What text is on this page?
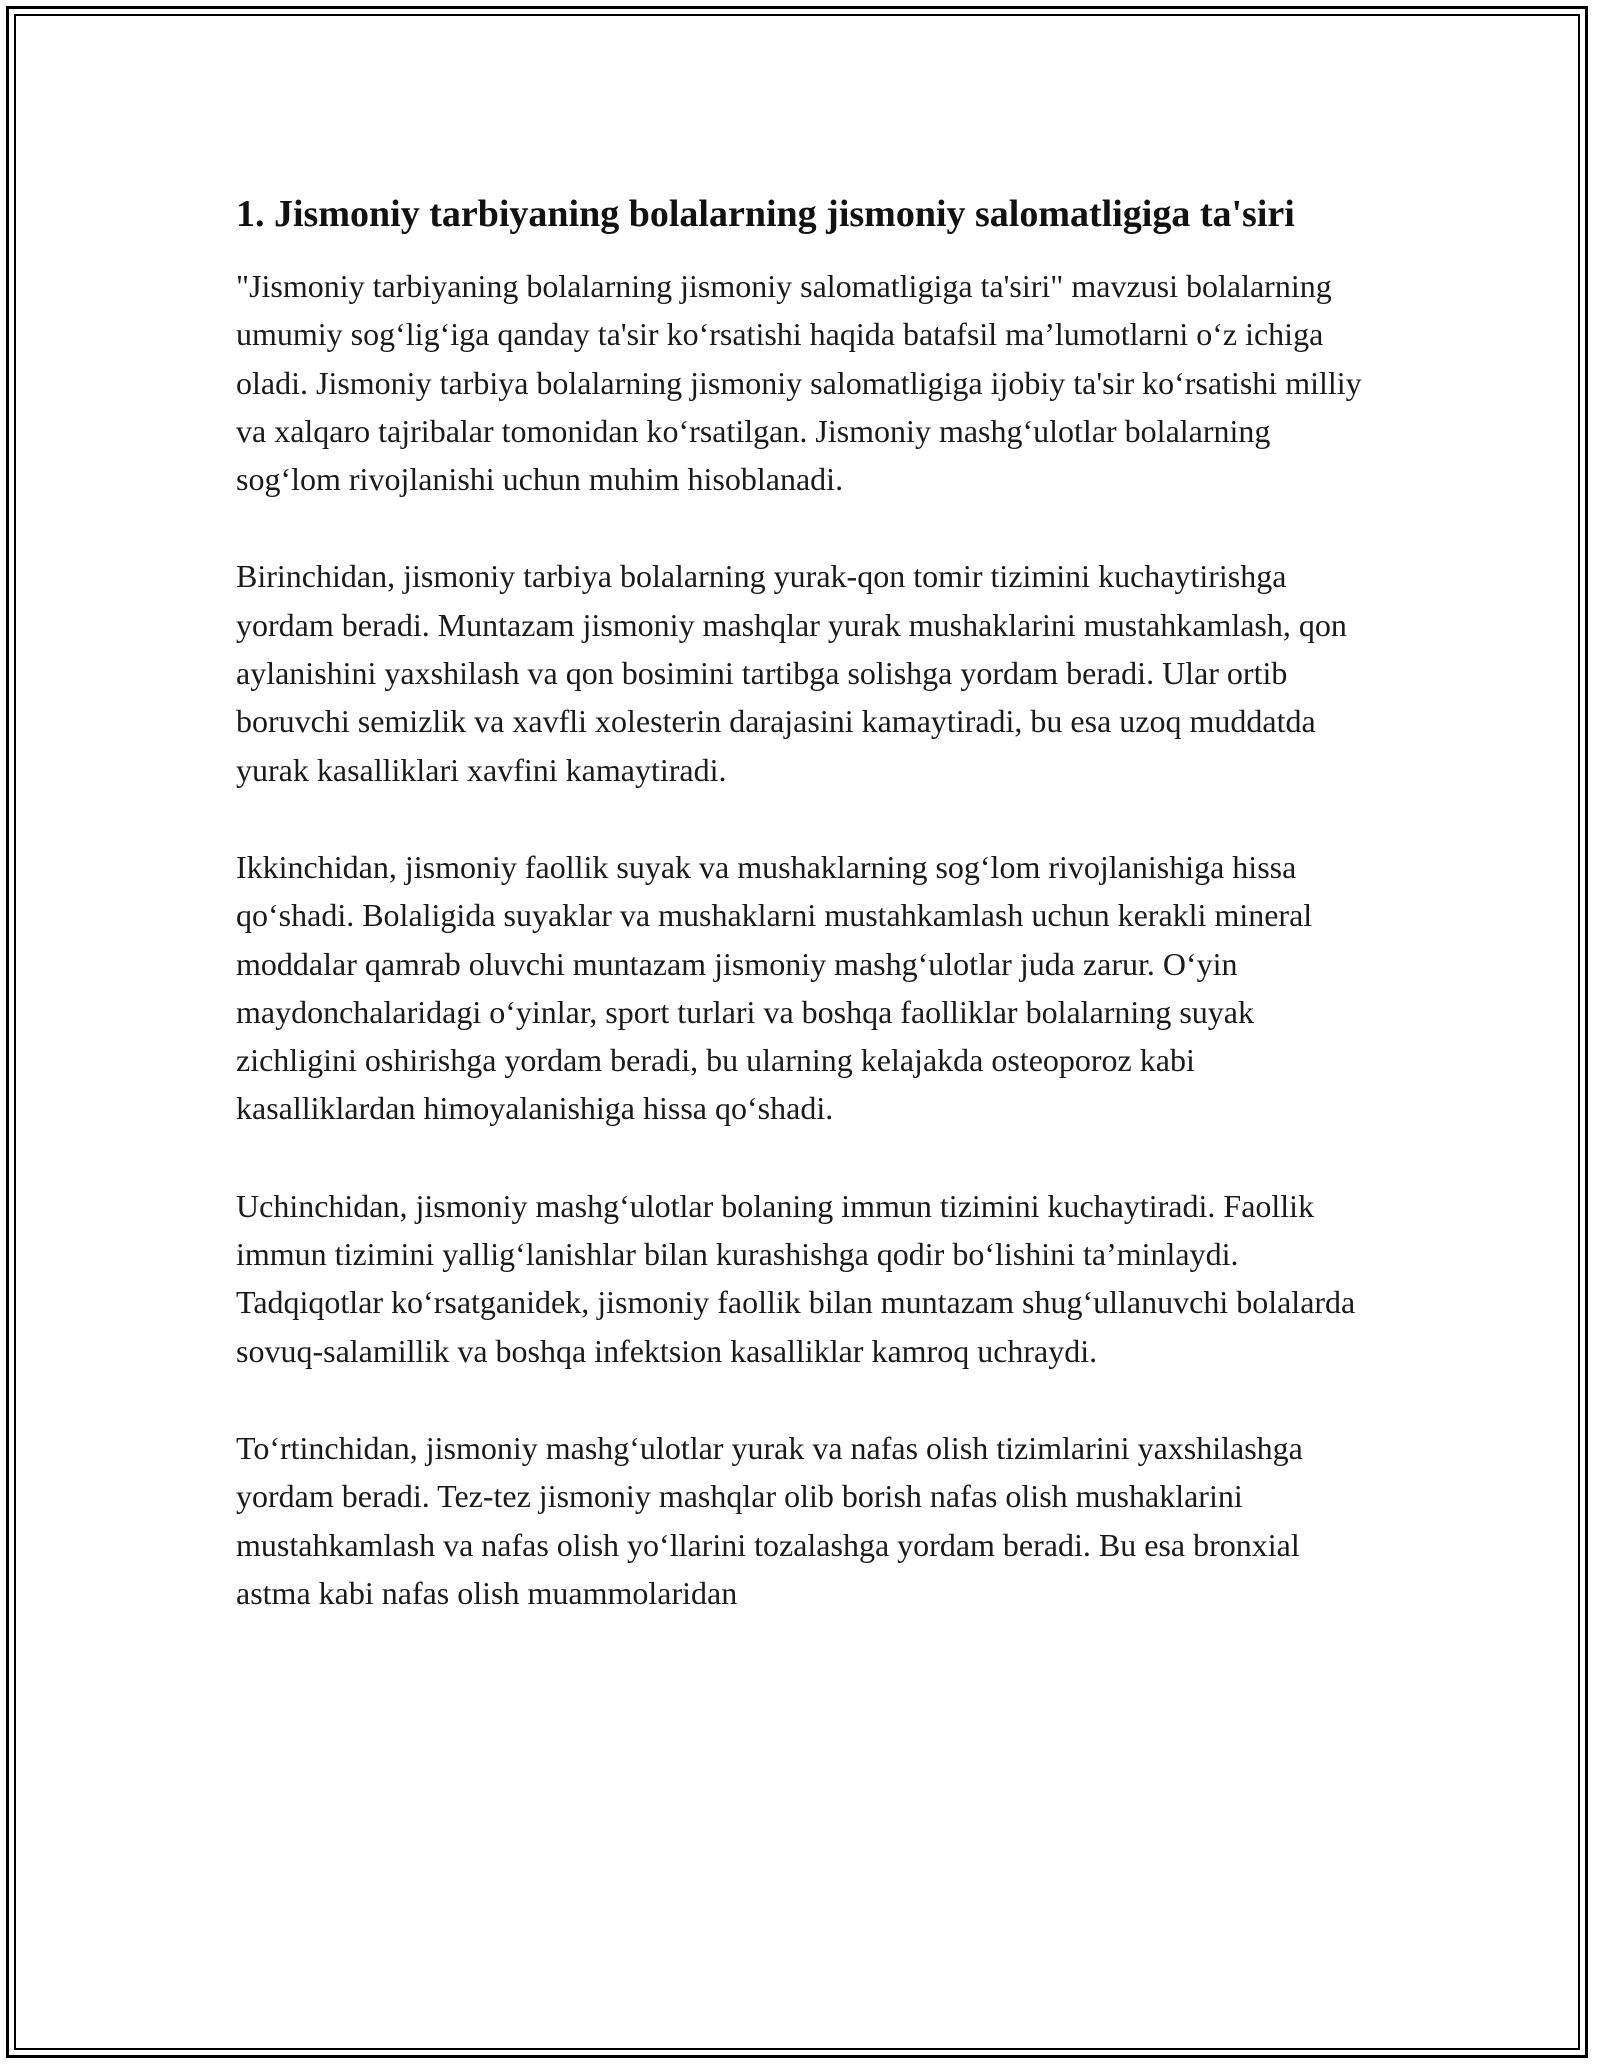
1. Jismoniy tarbiyaning bolalarning jismoniy salomatligiga ta'siri

"Jismoniy tarbiyaning bolalarning jismoniy salomatligiga ta'siri" mavzusi bolalarning umumiy sog‘lig‘iga qanday ta'sir ko‘rsatishi haqida batafsil ma’lumotlarni o‘z ichiga oladi. Jismoniy tarbiya bolalarning jismoniy salomatligiga ijobiy ta'sir ko‘rsatishi milliy va xalqaro tajribalar tomonidan ko‘rsatilgan. Jismoniy mashg‘ulotlar bolalarning sog‘lom rivojlanishi uchun muhim hisoblanadi.

Birinchidan, jismoniy tarbiya bolalarning yurak-qon tomir tizimini kuchaytirishga yordam beradi. Muntazam jismoniy mashqlar yurak mushaklarini mustahkamlash, qon aylanishini yaxshilash va qon bosimini tartibga solishga yordam beradi. Ular ortib boruvchi semizlik va xavfli xolesterin darajasini kamaytiradi, bu esa uzoq muddatda yurak kasalliklari xavfini kamaytiradi.

Ikkinchidan, jismoniy faollik suyak va mushaklarning sog‘lom rivojlanishiga hissa qo‘shadi. Bolaligida suyaklar va mushaklarni mustahkamlash uchun kerakli mineral moddalar qamrab oluvchi muntazam jismoniy mashg‘ulotlar juda zarur. O‘yin maydonchalaridagi o‘yinlar, sport turlari va boshqa faolliklar bolalarning suyak zichligini oshirishga yordam beradi, bu ularning kelajakda osteoporoz kabi kasalliklardan himoyalanishiga hissa qo‘shadi.

Uchinchidan, jismoniy mashg‘ulotlar bolaning immun tizimini kuchaytiradi. Faollik immun tizimini yallig‘lanishlar bilan kurashishga qodir bo‘lishini ta’minlaydi. Tadqiqotlar ko‘rsatganidek, jismoniy faollik bilan muntazam shug‘ullanuvchi bolalarda sovuq-salamillik va boshqa infektsion kasalliklar kamroq uchraydi.

To‘rtinchidan, jismoniy mashg‘ulotlar yurak va nafas olish tizimlarini yaxshilashga yordam beradi. Tez-tez jismoniy mashqlar olib borish nafas olish mushaklarini mustahkamlash va nafas olish yo‘llarini tozalashga yordam beradi. Bu esa bronxial astma kabi nafas olish muammolaridan
